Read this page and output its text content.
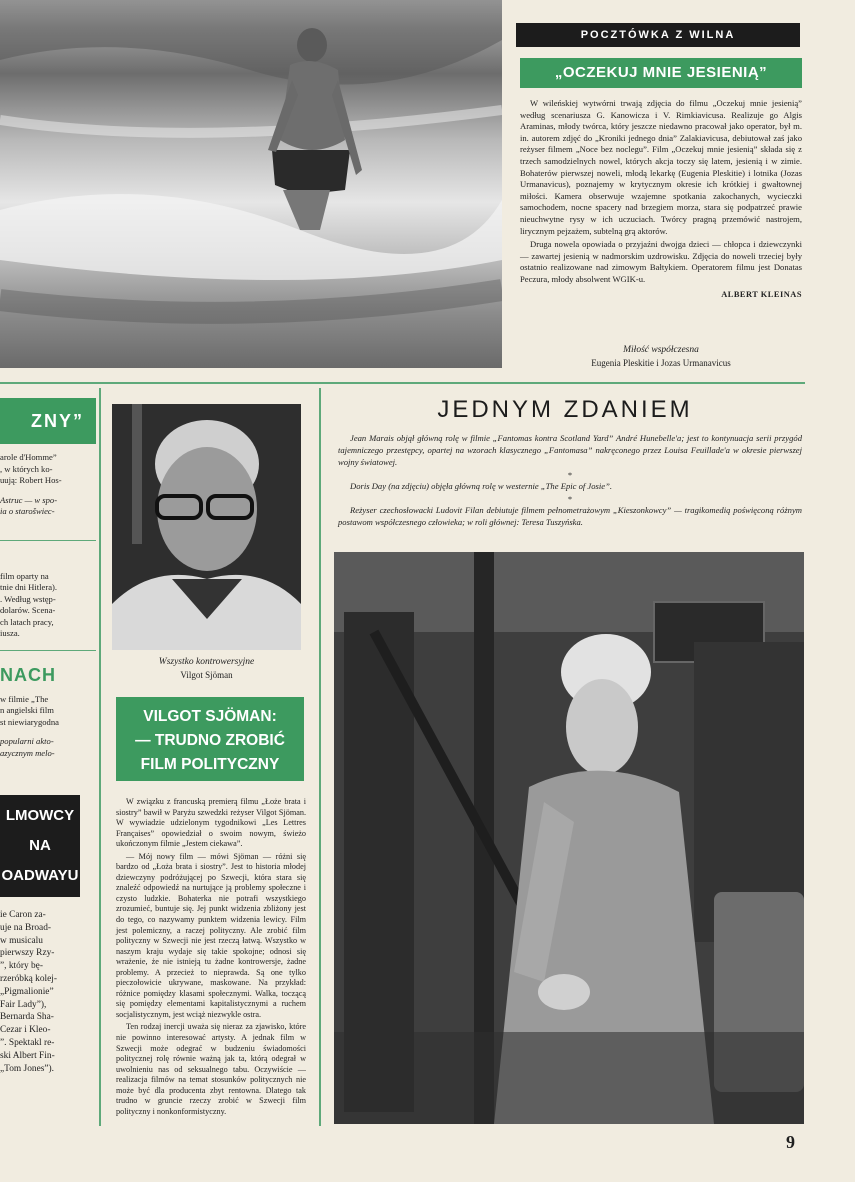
POCZTÓWKA Z WILNA
„OCZEKUJ MNIE JESIENIĄ”

W wileńskiej wytwórni trwają zdjęcia do filmu „Oczekuj mnie jesienią” według scenariusza G. Kanowicza i V. Rimkiavicusa. Realizuje go Algis Araminas, młody twórca, który jeszcze niedawno pracował jako operator, był m. in. autorem zdjęć do „Kroniki jednego dnia” Zalakiavicusa, debiutował zaś jako reżyser filmem „Noce bez noclegu”. Film „Oczekuj mnie jesienią” składa się z trzech samodzielnych nowel, których akcja toczy się latem, jesienią i w zimie. Bohaterów pierwszej noweli, młodą lekarkę (Eugenia Pleskitie) i lotnika (Jozas Urmanavicus), poznajemy w krytycznym okresie ich krótkiej i gwałtownej miłości. Kamera obserwuje wzajemne spotkania zakochanych, wycieczki samochodem, nocne spacery nad brzegiem morza, stara się podpatrzeć prawie nieuchwytne rysy w ich uczuciach. Twórcy pragną przemówić nastrojem, lirycznym pejzażem, subtelną grą aktorów.

Druga nowela opowiada o przyjaźni dwojga dzieci — chłopca i dziewczynki — zawartej jesienią w nadmorskim uzdrowisku. Zdjęcia do noweli trzeciej były ostatnio realizowane nad zimowym Bałtykiem. Operatorem filmu jest Donatas Peczura, młody absolwent WGIK-u.

ALBERT KLEINAS
Miłość współczesna
Eugenia Pleskitie i Jozas Urmanavicus
ZNY”
arole d'Homme”
, w których ko-
uują: Robert Hos-
Astruc — w spo-
ia o starošwiec-
film oparty na
tnie dni Hitlera).
. Według wstęp-
dolarów. Scena-
ch latach pracy,
iusza.
NACH
w filmie „The
n angielski film
st niewiarygodna
popularni akto-
azycznym melo-
LMOWCY
NA
OADWAYU
ie Caron za-
uje na Broad-
w musicalu
pierwszy Rzy-
”, który bę-
rzeróbką kolej-
„Pigmalionie”
Fair Lady”),
Bernarda Sha-
Cezar i Kleo-
”. Spektakl re-
ski Albert Fin-
„Tom Jones”).
Wszystko kontrowersyjne
Vilgot Sjöman
VILGOT SJÖMAN:
— TRUDNO ZROBIĆ
FILM POLITYCZNY

W związku z francuską premierą filmu „Łoże brata i siostry” bawił w Paryżu szwedzki reżyser Vilgot Sjöman. W wywiadzie udzielonym tygodnikowi „Les Lettres Françaises” opowiedział o swoim nowym, świeżo ukończonym filmie „Jestem ciekawa”.

— Mój nowy film — mówi Sjöman — różni się bardzo od „Łoża brata i siostry”. Jest to historia młodej dziewczyny podróżującej po Szwecji, która stara się znaleźć odpowiedź na nurtujące ją problemy społeczne i czysto ludzkie. Bohaterka nie potrafi wszystkiego zrozumieć, buntuje się. Jej punkt widzenia zbliżony jest do tego, co nazywamy punktem widzenia lewicy. Film jest polemiczny, a raczej polityczny. Ale zrobić film polityczny w Szwecji nie jest rzeczą łatwą. Wszystko w naszym kraju wydaje się takie spokojne; odnosi się wrażenie, że nie istnieją tu żadne kontrowersje, żadne problemy. A przecież to nieprawda. Są one tylko pieczołowicie ukrywane, maskowane. Na przykład: różnice pomiędzy klasami społecznymi. Walka, toczącą się pomiędzy elementami kapitalistycznymi a ruchem socjalistycznym, jest wciąż niezwykle ostra.

Ten rodzaj inercji uważa się nieraz za zjawisko, które nie powinno interesować artysty. A jednak film w Szwecji może odegrać w budzeniu świadomości politycznej rolę równie ważną jak ta, którą odegrał w uwolnieniu nas od seksualnego tabu. Oczywiście — realizacja filmów na temat stosunków politycznych nie może być dla producenta zbyt rentowna. Dlatego tak trudno w gruncie rzeczy zrobić w Szwecji film polityczny i nonkonformistyczny.

JEDNYM ZDANIEM

Jean Marais objął główną rolę w filmie „Fantomas kontra Scotland Yard” André Hunebelle'a; jest to kontynuacja serii przygód tajemniczego przestępcy, opartej na wzorach klasycznego „Fantomasa” nakręconego przez Louisa Feuillade'a w okresie pierwszej wojny światowej.

*

Doris Day (na zdjęciu) objęła główną rolę w westernie „The Epic of Josie”.

*

Reżyser czechosłowacki Ludovit Filan debiutuje filmem pełnometrażowym „Kieszonkowcy” — tragikomedią poświęconą różnym postawom współczesnego człowieka; w roli głównej: Teresa Tuszyńska.

9
